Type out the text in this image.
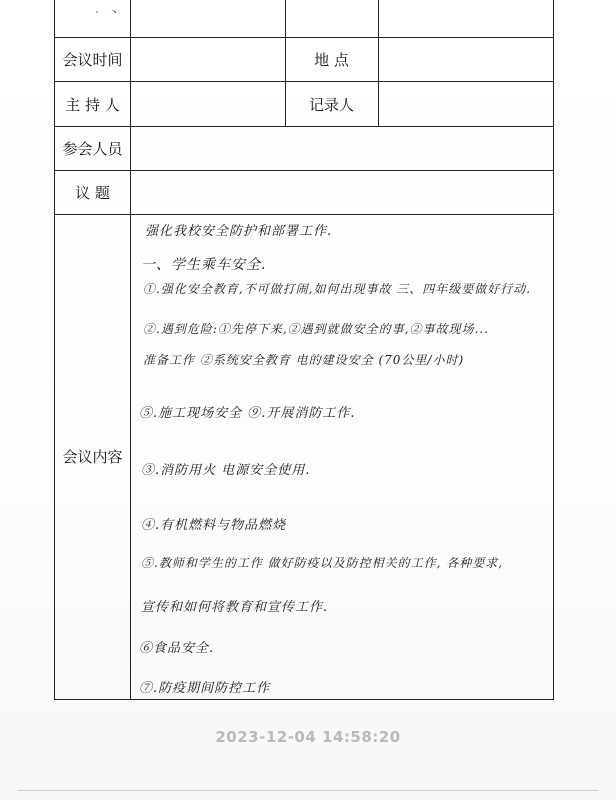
· 丶
会议时间	地 点
主 持 人	记录人
参会人员
议 题
会议内容
强化我校安全防护和部署工作.
一、学生乘车安全.
①.强化安全教育,不可做打闹,如何出现事故 三、四年级要做好行动.
②.遇到危险:①先停下来,②遇到就做安全的事,②事故现场...
准备工作 ②系统安全教育 电的建设安全 (70公里/小时)
⑤.施工现场安全 ⑨.开展消防工作.
③.消防用火 电源安全使用.
④.有机燃料与物品燃烧
⑤.教师和学生的工作 做好防疫以及防控相关的工作, 各种要求,
宣传和如何将教育和宣传工作.
⑥食品安全.
⑦.防疫期间防控工作
2023-12-04 14:58:20
